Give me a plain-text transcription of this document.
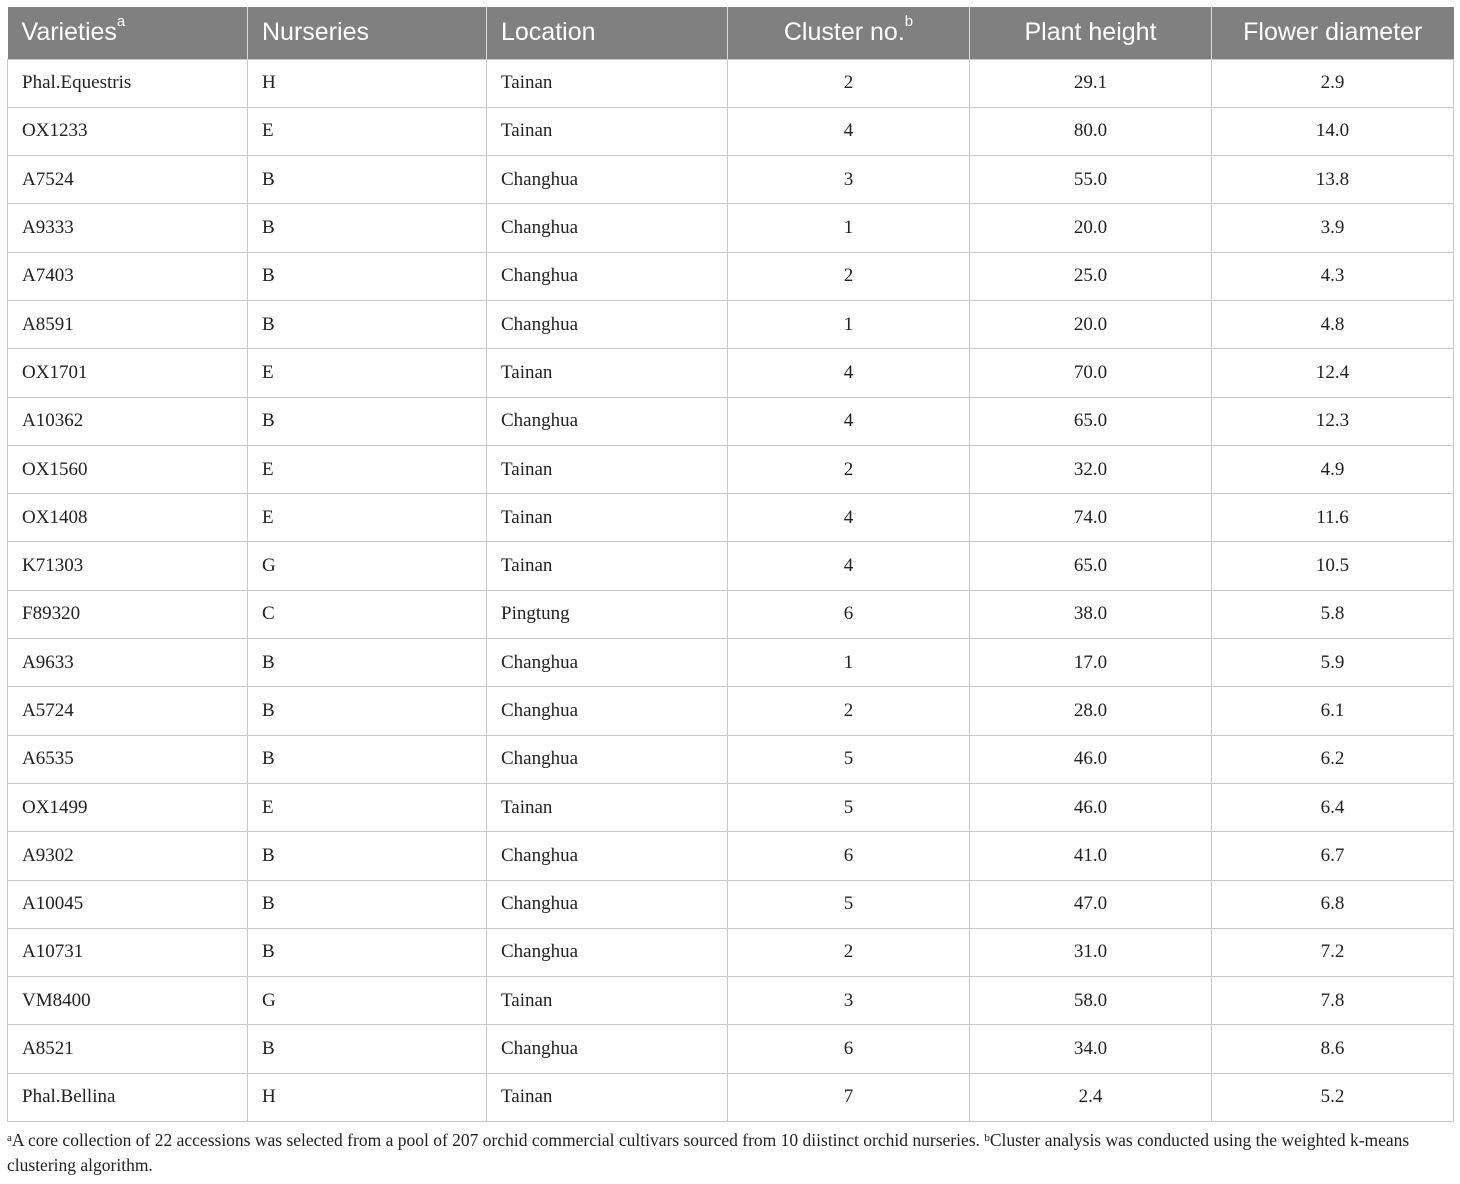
Varieties$^a$	Nurseries	Location	Cluster no.$^b$	Plant height	Flower diameter
Phal.Equestris	H	Tainan	2	29.1	2.9
OX1233	E	Tainan	4	80.0	14.0
A7524	B	Changhua	3	55.0	13.8
A9333	B	Changhua	1	20.0	3.9
A7403	B	Changhua	2	25.0	4.3
A8591	B	Changhua	1	20.0	4.8
OX1701	E	Tainan	4	70.0	12.4
A10362	B	Changhua	4	65.0	12.3
OX1560	E	Tainan	2	32.0	4.9
OX1408	E	Tainan	4	74.0	11.6
K71303	G	Tainan	4	65.0	10.5
F89320	C	Pingtung	6	38.0	5.8
A9633	B	Changhua	1	17.0	5.9
A5724	B	Changhua	2	28.0	6.1
A6535	B	Changhua	5	46.0	6.2
OX1499	E	Tainan	5	46.0	6.4
A9302	B	Changhua	6	41.0	6.7
A10045	B	Changhua	5	47.0	6.8
A10731	B	Changhua	2	31.0	7.2
VM8400	G	Tainan	3	58.0	7.8
A8521	B	Changhua	6	34.0	8.6
Phal.Bellina	H	Tainan	7	2.4	5.2
$^a$A core collection of 22 accessions was selected from a pool of 207 orchid commercial cultivars sourced from 10 diistinct orchid nurseries. $^b$Cluster analysis was conducted using the weighted k-means clustering algorithm.
